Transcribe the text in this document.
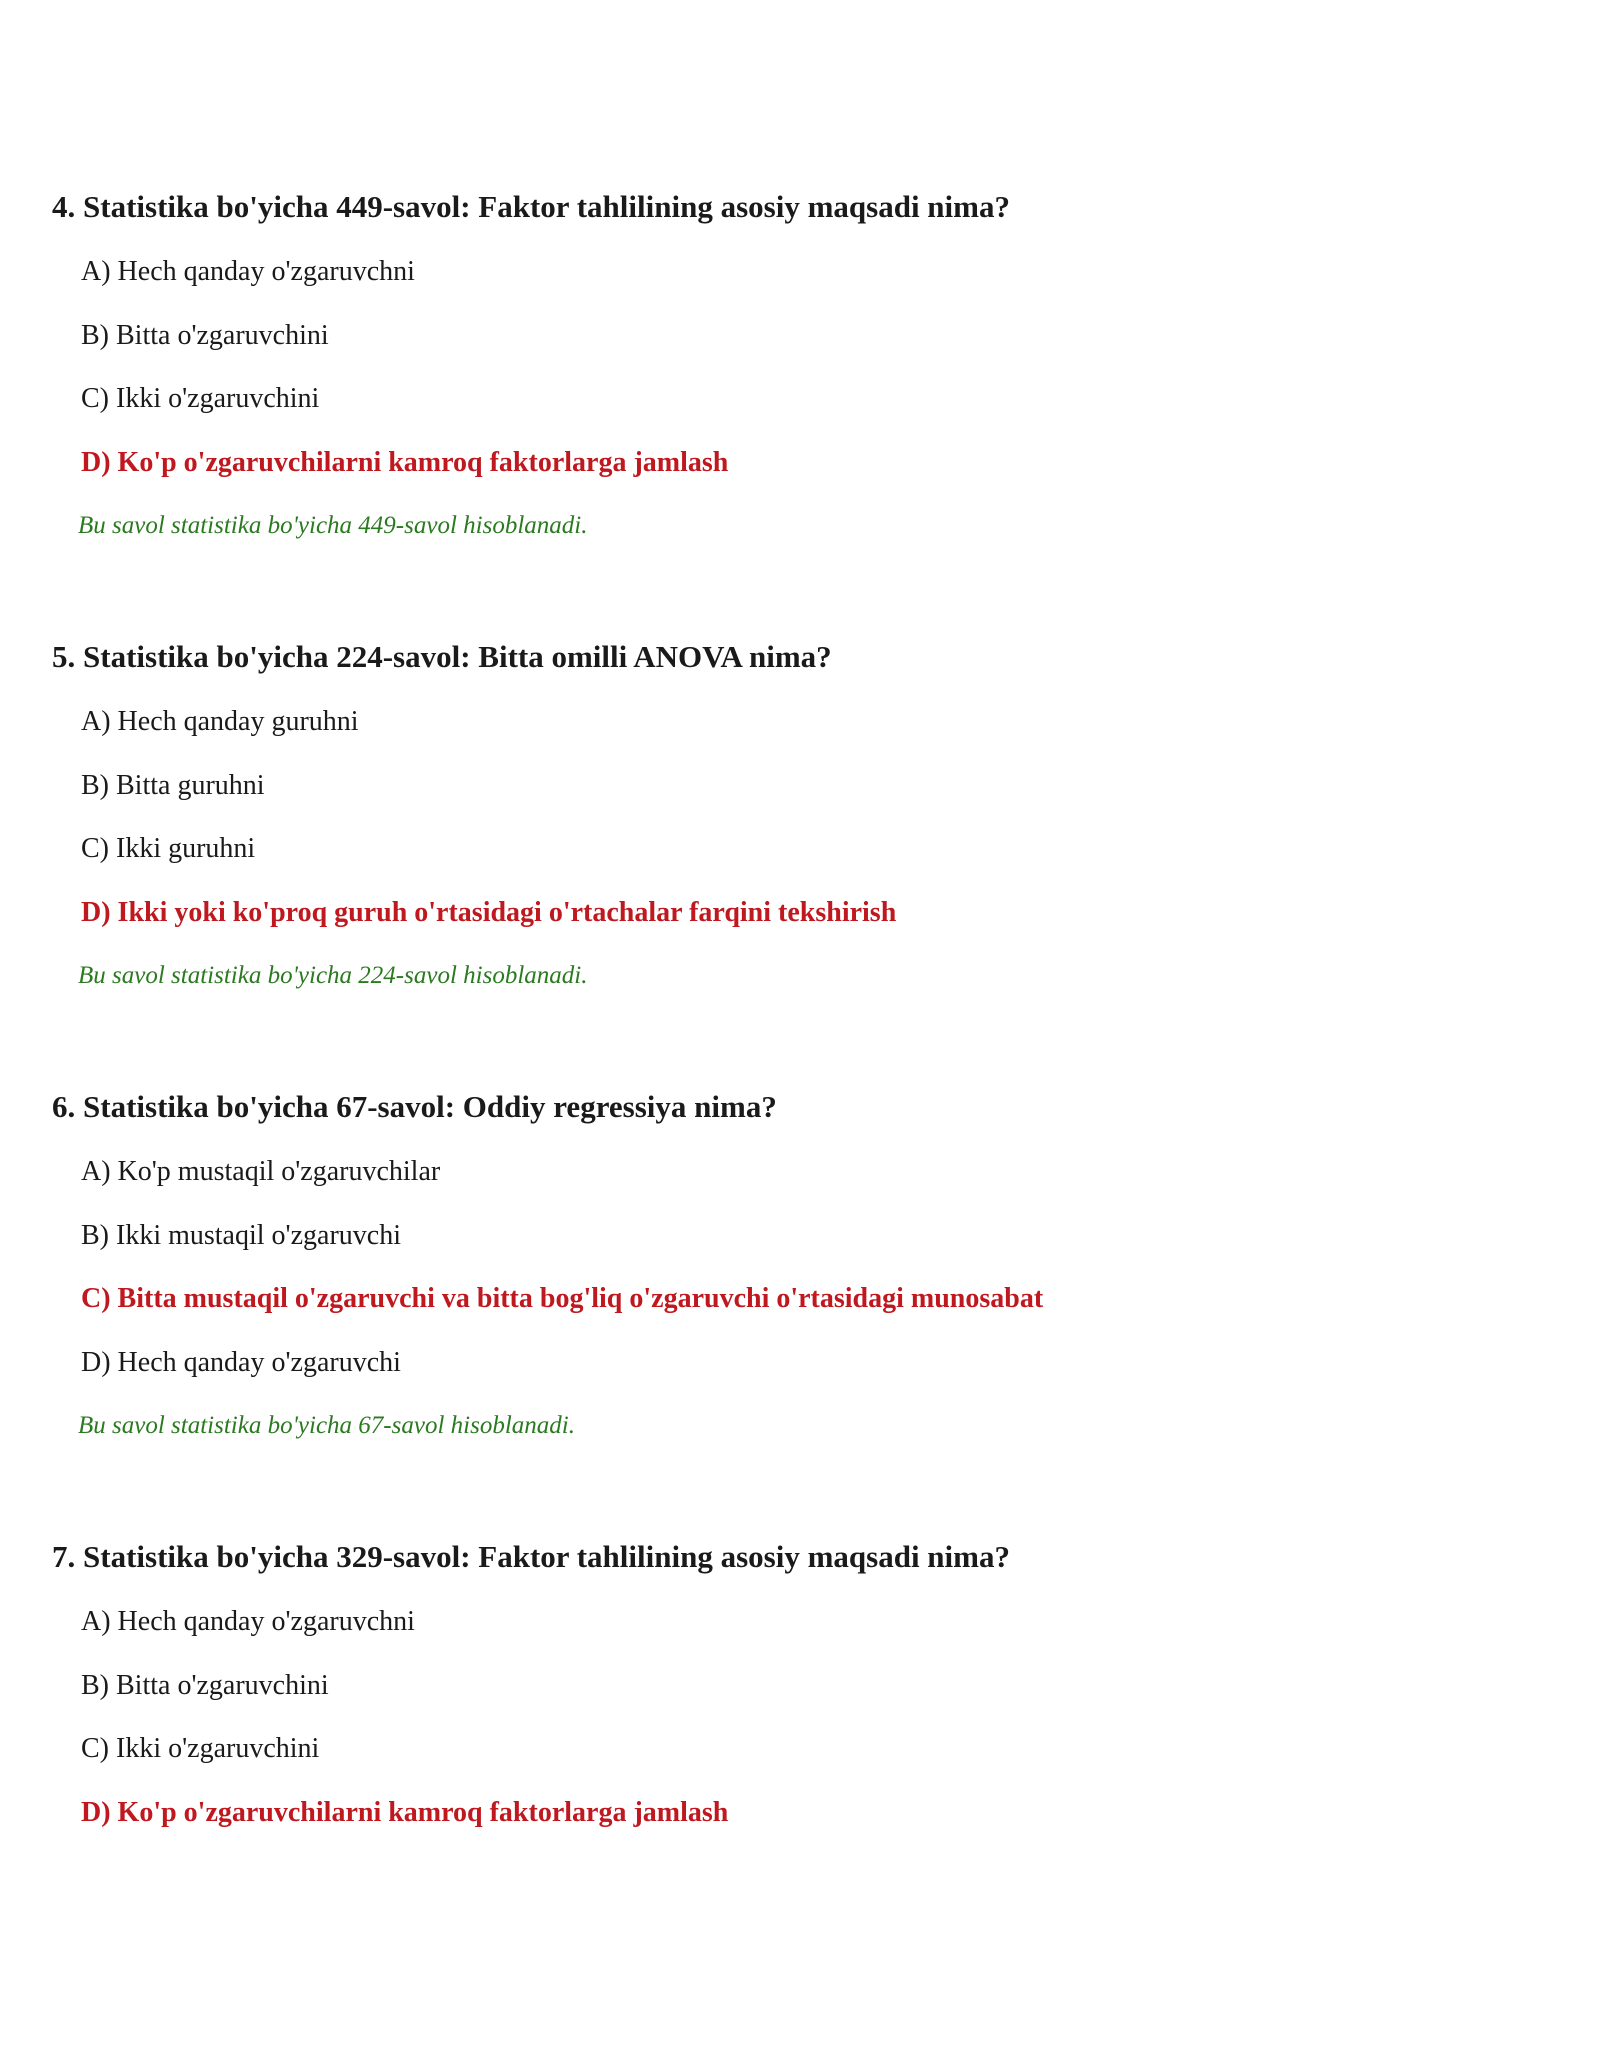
4. Statistika bo'yicha 449-savol: Faktor tahlilining asosiy maqsadi nima?

A) Hech qanday o'zgaruvchni

B) Bitta o'zgaruvchini

C) Ikki o'zgaruvchini

D) Ko'p o'zgaruvchilarni kamroq faktorlarga jamlash

Bu savol statistika bo'yicha 449-savol hisoblanadi.

5. Statistika bo'yicha 224-savol: Bitta omilli ANOVA nima?

A) Hech qanday guruhni

B) Bitta guruhni

C) Ikki guruhni

D) Ikki yoki ko'proq guruh o'rtasidagi o'rtachalar farqini tekshirish

Bu savol statistika bo'yicha 224-savol hisoblanadi.

6. Statistika bo'yicha 67-savol: Oddiy regressiya nima?

A) Ko'p mustaqil o'zgaruvchilar

B) Ikki mustaqil o'zgaruvchi

C) Bitta mustaqil o'zgaruvchi va bitta bog'liq o'zgaruvchi o'rtasidagi munosabat

D) Hech qanday o'zgaruvchi

Bu savol statistika bo'yicha 67-savol hisoblanadi.

7. Statistika bo'yicha 329-savol: Faktor tahlilining asosiy maqsadi nima?

A) Hech qanday o'zgaruvchni

B) Bitta o'zgaruvchini

C) Ikki o'zgaruvchini

D) Ko'p o'zgaruvchilarni kamroq faktorlarga jamlash
